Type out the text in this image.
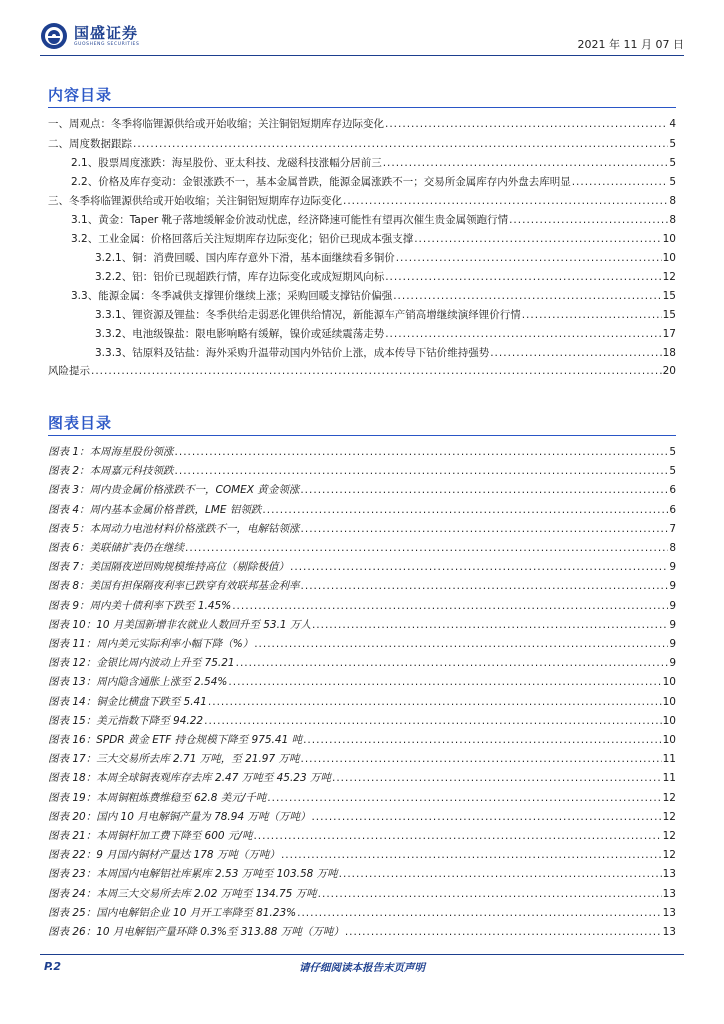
国盛证券
GUOSHENG SECURITIES	2021 年 11 月 07 日
内容目录
一、周观点：冬季将临锂源供给或开始收缩；关注铜铝短期库存边际变化 .....	4
二、周度数据跟踪 .....	5
2.1、股票周度涨跌：海星股份、亚太科技、龙磁科技涨幅分居前三 .....	5
2.2、价格及库存变动：金银涨跌不一，基本金属普跌，能源金属涨跌不一；交易所金属库存内外盘去库明显 .....	5
三、冬季将临锂源供给或开始收缩；关注铜铝短期库存边际变化 .....	8
3.1、黄金：Taper 靴子落地缓解金价波动忧虑，经济降速可能性有望再次催生贵金属领跑行情 .....	8
3.2、工业金属：价格回落后关注短期库存边际变化；铝价已现成本强支撑 .....	10
3.2.1、铜：消费回暖、国内库存意外下滑，基本面继续看多铜价 .....	10
3.2.2、铝：铝价已现超跌行情，库存边际变化或成短期风向标 .....	12
3.3、能源金属：冬季减供支撑锂价继续上涨；采购回暖支撑钴价偏强 .....	15
3.3.1、锂资源及锂盐：冬季供给走弱恶化锂供给情况，新能源车产销高增继续演绎锂价行情 .....	15
3.3.2、电池级镍盐：限电影响略有缓解，镍价或延续震荡走势 .....	17
3.3.3、钴原料及钴盐：海外采购升温带动国内外钴价上涨，成本传导下钴价维持强势 .....	18
风险提示 .....	20
图表目录
图表 1：本周海星股份领涨 .....	5
图表 2：本周嘉元科技领跌 .....	5
图表 3：周内贵金属价格涨跌不一，COMEX 黄金领涨 .....	6
图表 4：周内基本金属价格普跌，LME 铝领跌 .....	6
图表 5：本周动力电池材料价格涨跌不一，电解钴领涨 .....	7
图表 6：美联储扩表仍在继续 .....	8
图表 7：美国隔夜逆回购规模维持高位（剔除极值） .....	9
图表 8：美国有担保隔夜利率已跌穿有效联邦基金利率 .....	9
图表 9：周内美十债利率下跌至 1.45% .....	9
图表 10：10 月美国新增非农就业人数回升至 53.1 万人 .....	9
图表 11：周内美元实际利率小幅下降（%） .....	9
图表 12：金银比周内波动上升至 75.21 .....	9
图表 13：周内隐含通胀上涨至 2.54% .....	10
图表 14：铜金比横盘下跌至 5.41 .....	10
图表 15：美元指数下降至 94.22 .....	10
图表 16：SPDR 黄金 ETF 持仓规模下降至 975.41 吨 .....	10
图表 17：三大交易所去库 2.71 万吨，至 21.97 万吨 .....	11
图表 18：本周全球铜表观库存去库 2.47 万吨至 45.23 万吨 .....	11
图表 19：本周铜粗炼费维稳至 62.8 美元/千吨 .....	12
图表 20：国内 10 月电解铜产量为 78.94 万吨（万吨） .....	12
图表 21：本周铜杆加工费下降至 600 元/吨 .....	12
图表 22：9 月国内铜材产量达 178 万吨（万吨） .....	12
图表 23：本周国内电解铝社库累库 2.53 万吨至 103.58 万吨 .....	13
图表 24：本周三大交易所去库 2.02 万吨至 134.75 万吨 .....	13
图表 25：国内电解铝企业 10 月开工率降至 81.23% .....	13
图表 26：10 月电解铝产量环降 0.3%至 313.88 万吨（万吨） .....	13
P.2	请仔细阅读本报告末页声明
